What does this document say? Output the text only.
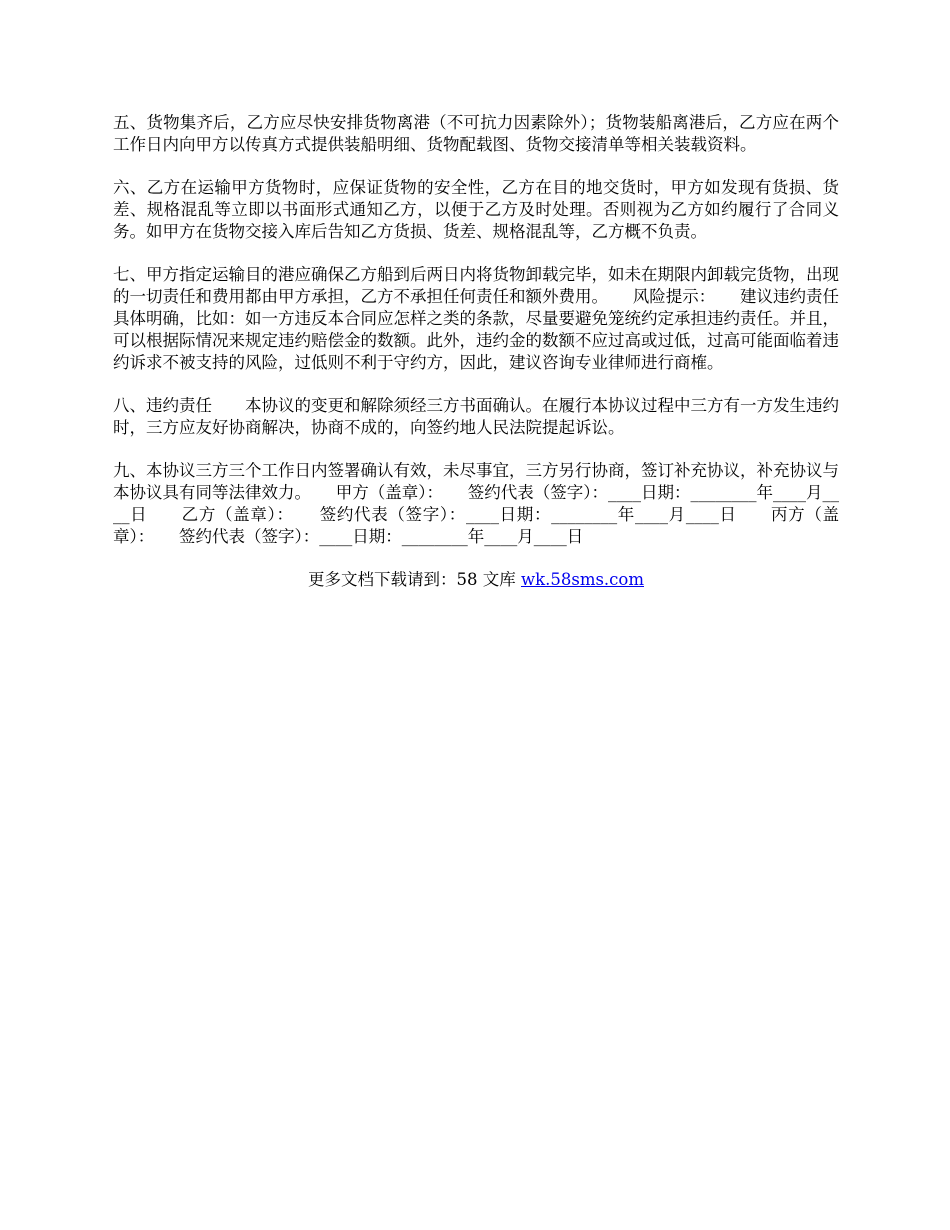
五、货物集齐后，乙方应尽快安排货物离港（不可抗力因素除外）；货物装船离港后，乙方应在两个工作日内向甲方以传真方式提供装船明细、货物配载图、货物交接清单等相关装载资料。

六、乙方在运输甲方货物时，应保证货物的安全性，乙方在目的地交货时，甲方如发现有货损、货差、规格混乱等立即以书面形式通知乙方，以便于乙方及时处理。否则视为乙方如约履行了合同义务。如甲方在货物交接入库后告知乙方货损、货差、规格混乱等，乙方概不负责。

七、甲方指定运输目的港应确保乙方船到后两日内将货物卸载完毕，如未在期限内卸载完货物，出现的一切责任和费用都由甲方承担，乙方不承担任何责任和额外费用。　　风险提示：　　建议违约责任具体明确，比如：如一方违反本合同应怎样之类的条款，尽量要避免笼统约定承担违约责任。并且，可以根据际情况来规定违约赔偿金的数额。此外，违约金的数额不应过高或过低，过高可能面临着违约诉求不被支持的风险，过低则不利于守约方，因此，建议咨询专业律师进行商榷。

八、违约责任　　本协议的变更和解除须经三方书面确认。在履行本协议过程中三方有一方发生违约时，三方应友好协商解决，协商不成的，向签约地人民法院提起诉讼。

九、本协议三方三个工作日内签署确认有效，未尽事宜，三方另行协商，签订补充协议，补充协议与本协议具有同等法律效力。　　甲方（盖章）：　　签约代表（签字）：____日期：________年____月____日　　乙方（盖章）：　　签约代表（签字）：____日期：________年____月____日　　丙方（盖章）：　　签约代表（签字）：____日期：________年____月____日

更多文档下载请到：58 文库 wk.58sms.com
